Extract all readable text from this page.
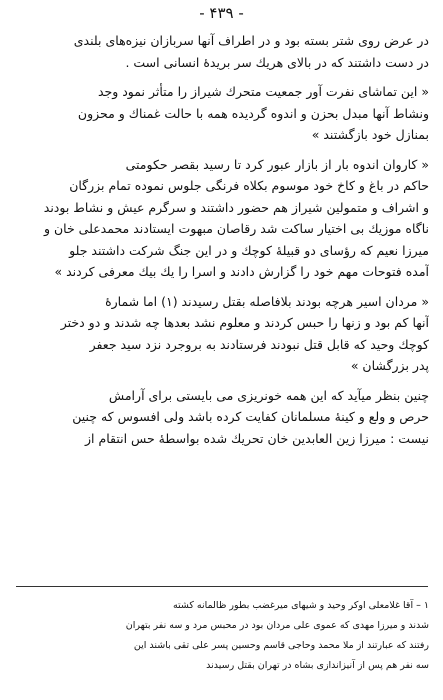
- ۴۳۹ -
در عرض روی شتر بسته بود و در اطراف آنها سربازان نیزه‌های بلندی
در دست داشتند که در بالای هریك سر بریدهٔ انسانی است .
« این تماشای نفرت آور جمعیت متحرك شیراز را متأثر نمود وجد
ونشاط آنها مبدل بحزن و اندوه گردیده همه با حالت غمناك و محزون
بمنازل خود بازگشتند »
« کاروان اندوه بار از بازار عبور کرد تا رسید بقصر حکومتی
حاکم در باغ و کاخ خود موسوم بکلاه فرنگی جلوس نموده تمام بزرگان
و اشراف و متمولین شیراز هم حضور داشتند و سرگرم عیش و نشاط بودند
ناگاه موزیك بی اختیار ساکت شد رقاصان مبهوت ایستادند محمدعلی خان و
میرزا نعیم که رؤسای دو قبیلهٔ کوچك و در این جنگ شرکت داشتند جلو
آمده فتوحات مهم خود را گزارش دادند و اسرا را یك بیك معرفی کردند »
« مردان اسیر هرچه بودند بلافاصله بقتل رسیدند (۱) اما شمارهٔ
آنها کم بود و زنها را حبس کردند و معلوم نشد بعدها چه شدند و دو دختر
کوچك وحید که قابل قتل نبودند فرستادند به بروجرد نزد سید جعفر
پدر بزرگشان »
چنین بنظر میآید که این همه خونریزی می بایستی برای آرامش
حرص و ولع و کینهٔ مسلمانان کفایت کرده باشد ولی افسوس که چنین
نیست : میرزا زین العابدین خان تحریك شده بواسطهٔ حس انتقام از
۱ – آقا غلامعلی اوکر وحید و شیهای میرغضب بطور ظالمانه کشته
شدند و میرزا مهدی که عموی علی مردان بود در محبس مرد و سه نفر بتهران
رفتند که عبارتند از ملا محمد وحاجی قاسم وحسین پسر علی تقی باشند این
سه نفر هم پس از آنیزاندازی بشاه در تهران بقتل رسیدند
